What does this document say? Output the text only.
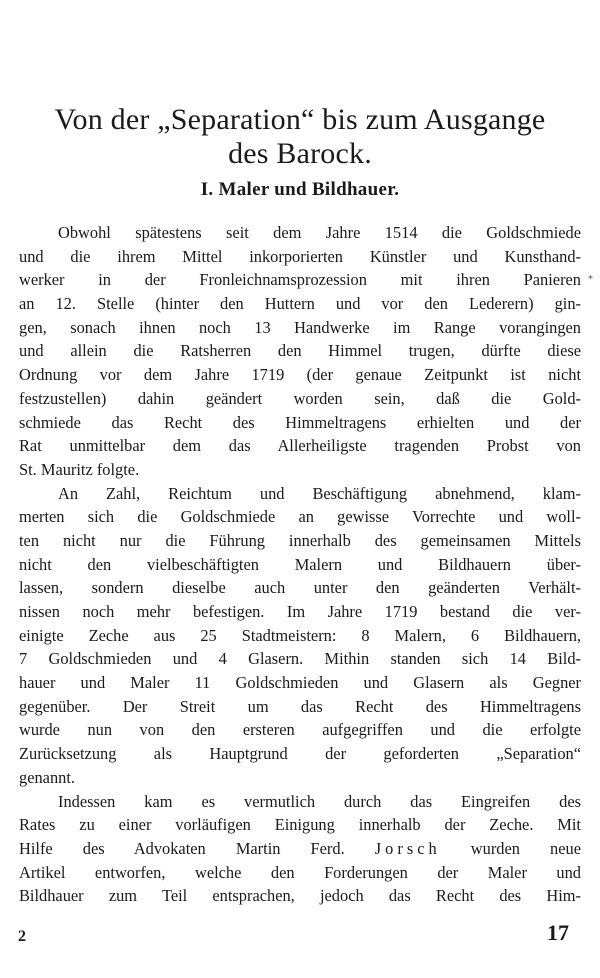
Von der „Separation“ bis zum Ausgange
des Barock.
I. Maler und Bildhauer.
*
Obwohl spätestens seit dem Jahre 1514 die Goldschmiede
und die ihrem Mittel inkorporierten Künstler und Kunsthand-
werker in der Fronleichnamsprozession mit ihren Panieren
an 12. Stelle (hinter den Huttern und vor den Lederern) gin-
gen, sonach ihnen noch 13 Handwerke im Range vorangingen
und allein die Ratsherren den Himmel trugen, dürfte diese
Ordnung vor dem Jahre 1719 (der genaue Zeitpunkt ist nicht
festzustellen) dahin geändert worden sein, daß die Gold-
schmiede das Recht des Himmeltragens erhielten und der
Rat unmittelbar dem das Allerheiligste tragenden Probst von
St. Mauritz folgte.
An Zahl, Reichtum und Beschäftigung abnehmend, klam-
merten sich die Goldschmiede an gewisse Vorrechte und woll-
ten nicht nur die Führung innerhalb des gemeinsamen Mittels
nicht den vielbeschäftigten Malern und Bildhauern über-
lassen, sondern dieselbe auch unter den geänderten Verhält-
nissen noch mehr befestigen. Im Jahre 1719 bestand die ver-
einigte Zeche aus 25 Stadtmeistern: 8 Malern, 6 Bildhauern,
7 Goldschmieden und 4 Glasern. Mithin standen sich 14 Bild-
hauer und Maler 11 Goldschmieden und Glasern als Gegner
gegenüber. Der Streit um das Recht des Himmeltragens
wurde nun von den ersteren aufgegriffen und die erfolgte
Zurücksetzung als Hauptgrund der geforderten „Separation“
genannt.
Indessen kam es vermutlich durch das Eingreifen des
Rates zu einer vorläufigen Einigung innerhalb der Zeche. Mit
Hilfe des Advokaten Martin Ferd. Jorsch wurden neue
Artikel entworfen, welche den Forderungen der Maler und
Bildhauer zum Teil entsprachen, jedoch das Recht des Him-
2	17
